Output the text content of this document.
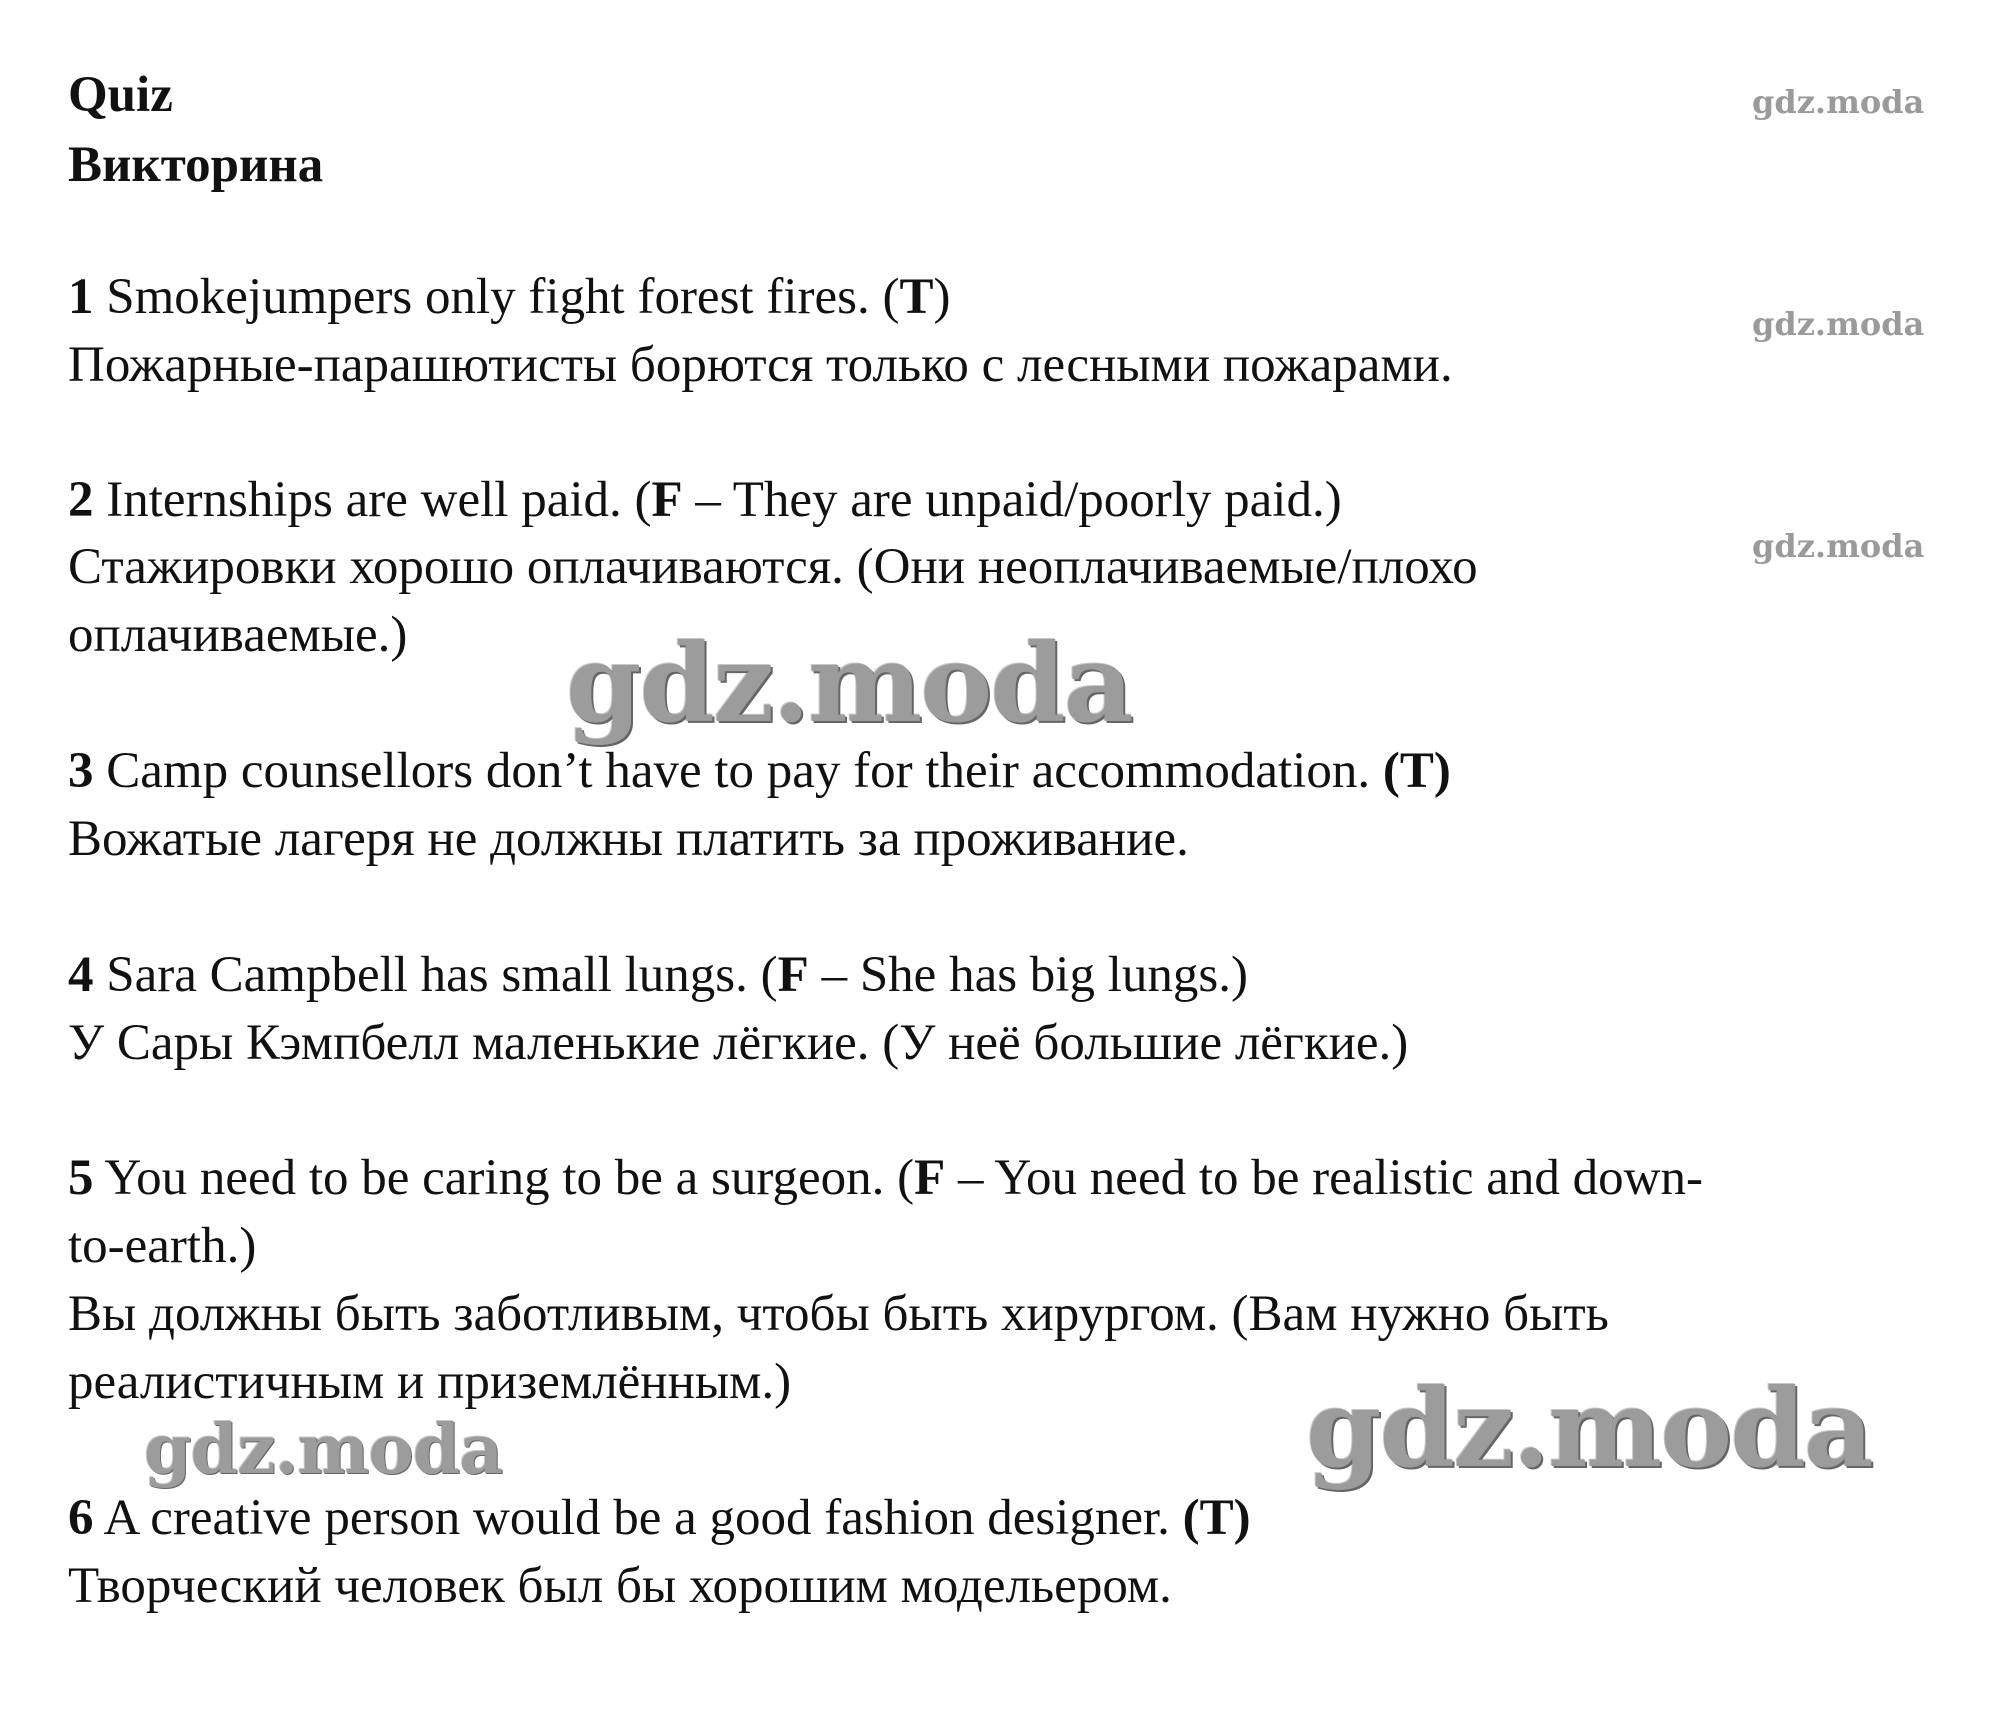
Quiz
Викторина

1 Smokejumpers only fight forest fires. (T)

Пожарные-парашютисты борются только с лесными пожарами.

2 Internships are well paid. (F – They are unpaid/poorly paid.)

Стажировки хорошо оплачиваются. (Они неоплачиваемые/плохо

оплачиваемые.)

3 Camp counsellors don’t have to pay for their accommodation. (T)

Вожатые лагеря не должны платить за проживание.

4 Sara Campbell has small lungs. (F – She has big lungs.)

У Сары Кэмпбелл маленькие лёгкие. (У неё большие лёгкие.)

5 You need to be caring to be a surgeon. (F – You need to be realistic and down-

to-earth.)

Вы должны быть заботливым, чтобы быть хирургом. (Вам нужно быть

реалистичным и приземлённым.)

6 A creative person would be a good fashion designer. (T)

Творческий человек был бы хорошим модельером.

gdz.moda
gdz.moda
gdz.moda
gdz.moda
gdz.moda
gdz.moda
